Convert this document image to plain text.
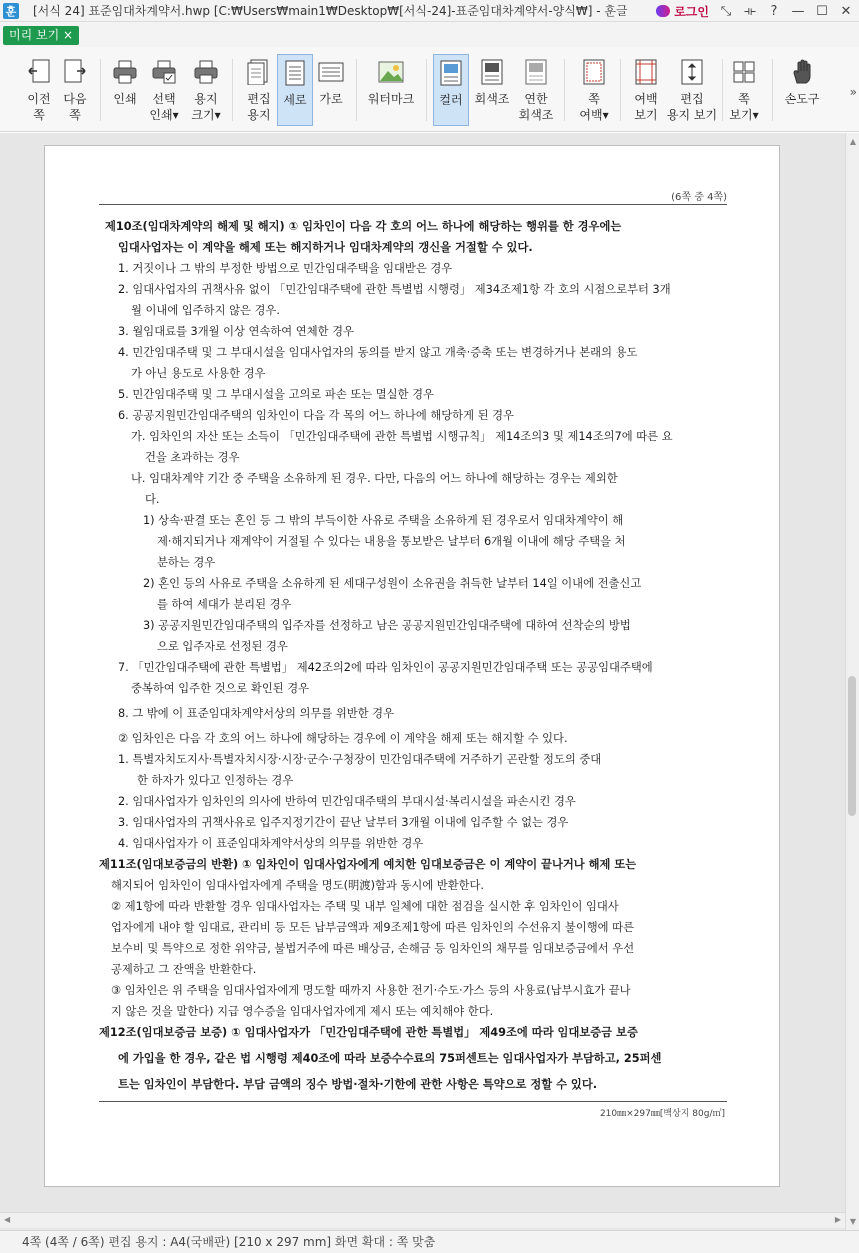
훈 [서식 24] 표준임대차계약서.hwp [C:₩Users₩main1₩Desktop₩[서식-24]-표준임대차계약서-양식₩] - 훈글	로그인 ⤡ ⟛ ? — ☐ ✕
미리 보기 ×
이전
쪽
다음
쪽
인쇄 선택
인쇄▾
용지
크기▾
편집
용지
세로 가로 워터마크 컬러 회색조	연한
회색조
쪽
여백▾
여백
보기
편집
용지 보기
쪽
보기▾
손도구	»
▲
▼
◀	▶
(6쪽 중 4쪽)
제10조(임대차계약의 해제 및 해지) ① 임차인이 다음 각 호의 어느 하나에 해당하는 행위를 한 경우에는
임대사업자는 이 계약을 해제 또는 해지하거나 임대차계약의 갱신을 거절할 수 있다.
1. 거짓이나 그 밖의 부정한 방법으로 민간임대주택을 임대받은 경우
2. 임대사업자의 귀책사유 없이 「민간임대주택에 관한 특별법 시행령」 제34조제1항 각 호의 시점으로부터 3개
월 이내에 입주하지 않은 경우.
3. 월임대료를 3개월 이상 연속하여 연체한 경우
4. 민간임대주택 및 그 부대시설을 임대사업자의 동의를 받지 않고 개축·증축 또는 변경하거나 본래의 용도
가 아닌 용도로 사용한 경우
5. 민간임대주택 및 그 부대시설을 고의로 파손 또는 멸실한 경우
6. 공공지원민간임대주택의 임차인이 다음 각 목의 어느 하나에 해당하게 된 경우
가. 임차인의 자산 또는 소득이 「민간임대주택에 관한 특별법 시행규칙」 제14조의3 및 제14조의7에 따른 요
건을 초과하는 경우
나. 임대차계약 기간 중 주택을 소유하게 된 경우. 다만, 다음의 어느 하나에 해당하는 경우는 제외한
다.
1) 상속·판결 또는 혼인 등 그 밖의 부득이한 사유로 주택을 소유하게 된 경우로서 임대차계약이 해
제·해지되거나 재계약이 거절될 수 있다는 내용을 통보받은 날부터 6개월 이내에 해당 주택을 처
분하는 경우
2) 혼인 등의 사유로 주택을 소유하게 된 세대구성원이 소유권을 취득한 날부터 14일 이내에 전출신고
를 하여 세대가 분리된 경우
3) 공공지원민간임대주택의 입주자를 선정하고 남은 공공지원민간임대주택에 대하여 선착순의 방법
으로 입주자로 선정된 경우
7. 「민간임대주택에 관한 특별법」 제42조의2에 따라 임차인이 공공지원민간임대주택 또는 공공임대주택에
중복하여 입주한 것으로 확인된 경우
8. 그 밖에 이 표준임대차계약서상의 의무를 위반한 경우
② 임차인은 다음 각 호의 어느 하나에 해당하는 경우에 이 계약을 해제 또는 해지할 수 있다.
1. 특별자치도지사·특별자치시장·시장·군수·구청장이 민간임대주택에 거주하기 곤란할 정도의 중대
한 하자가 있다고 인정하는 경우
2. 임대사업자가 임차인의 의사에 반하여 민간임대주택의 부대시설·복리시설을 파손시킨 경우
3. 임대사업자의 귀책사유로 입주지정기간이 끝난 날부터 3개월 이내에 입주할 수 없는 경우
4. 임대사업자가 이 표준임대차계약서상의 의무를 위반한 경우
제11조(임대보증금의 반환) ① 임차인이 임대사업자에게 예치한 임대보증금은 이 계약이 끝나거나 해제 또는
해지되어 임차인이 임대사업자에게 주택을 명도(明渡)함과 동시에 반환한다.
② 제1항에 따라 반환할 경우 임대사업자는 주택 및 내부 일체에 대한 점검을 실시한 후 임차인이 임대사
업자에게 내야 할 임대료, 관리비 등 모든 납부금액과 제9조제1항에 따른 임차인의 수선유지 불이행에 따른
보수비 및 특약으로 정한 위약금, 불법거주에 따른 배상금, 손해금 등 임차인의 채무를 임대보증금에서 우선
공제하고 그 잔액을 반환한다.
③ 임차인은 위 주택을 임대사업자에게 명도할 때까지 사용한 전기·수도·가스 등의 사용료(납부시효가 끝나
지 않은 것을 말한다) 지급 영수증을 임대사업자에게 제시 또는 예치해야 한다.
제12조(임대보증금 보증) ① 임대사업자가 「민간임대주택에 관한 특별법」 제49조에 따라 임대보증금 보증
에 가입을 한 경우, 같은 법 시행령 제40조에 따라 보증수수료의 75퍼센트는 임대사업자가 부담하고, 25퍼센
트는 임차인이 부담한다. 부담 금액의 징수 방법·절차·기한에 관한 사항은 특약으로 정할 수 있다.
210㎜×297㎜[백상지 80g/㎡]
4쪽 (4쪽 / 6쪽) 편집 용지 : A4(국배판) [210 x 297 mm] 화면 확대 : 쪽 맞춤
